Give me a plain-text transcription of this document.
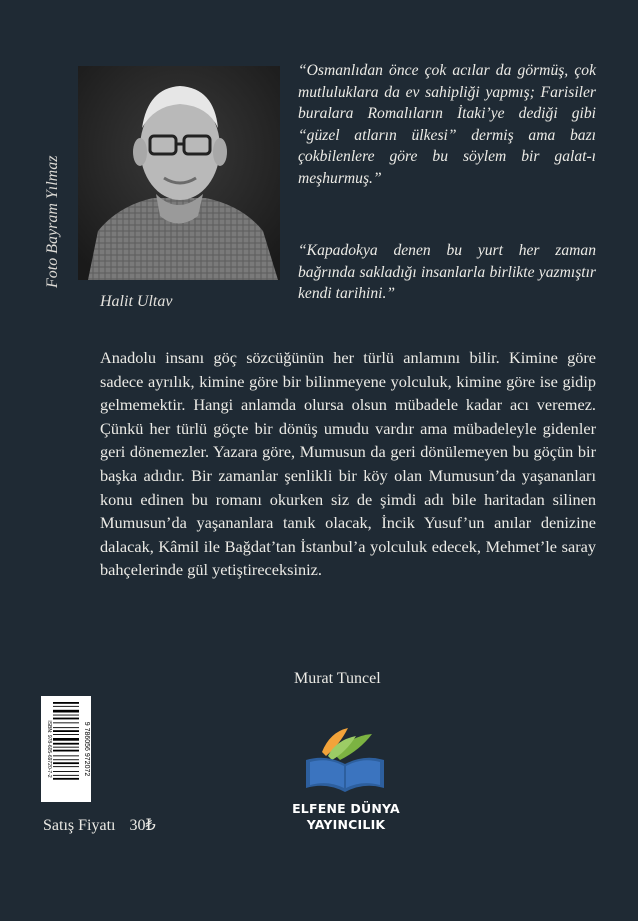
Foto Bayram Yılmaz
Halit Ultav
“Osmanlıdan önce çok acılar da görmüş, çok mutluluklara da ev sahipliği yapmış; Farisiler buralara Romalıların İtaki’ye dediği gibi “güzel atların ülkesi” dermiş ama bazı çokbilenlere göre bu söylem bir galat-ı meşhurmuş.”
“Kapadokya denen bu yurt her zaman bağrında sakladığı insanlarla birlikte yazmıştır kendi tarihini.”
Anadolu insanı göç sözcüğünün her türlü anlamını bilir. Kimine göre sadece ayrılık, kimine göre bir bilinmeyene yolculuk, kimine göre ise gidip gelmemektir. Hangi anlamda olursa olsun mübadele kadar acı veremez. Çünkü her türlü göçte bir dönüş umudu vardır ama mübadeleyle gidenler geri dönemezler. Yazara göre, Mumusun da geri dönülemeyen bu göçün bir başka adıdır. Bir zamanlar şenlikli bir köy olan Mumusun’da yaşananları konu edinen bu romanı okurken siz de şimdi adı bile haritadan silinen Mumusun’da yaşananlara tanık olacak, İncik Yusuf’un anılar denizine dalacak, Kâmil ile Bağdat’tan İstanbul’a yolculuk edecek, Mehmet’le saray bahçelerinde gül yetiştireceksiniz.
Murat Tuncel
ISBN: 978-605-69720-7-2	9 786056 972072
Satış Fiyatı 30₺
ELFENE DÜNYA
YAYINCILIK
